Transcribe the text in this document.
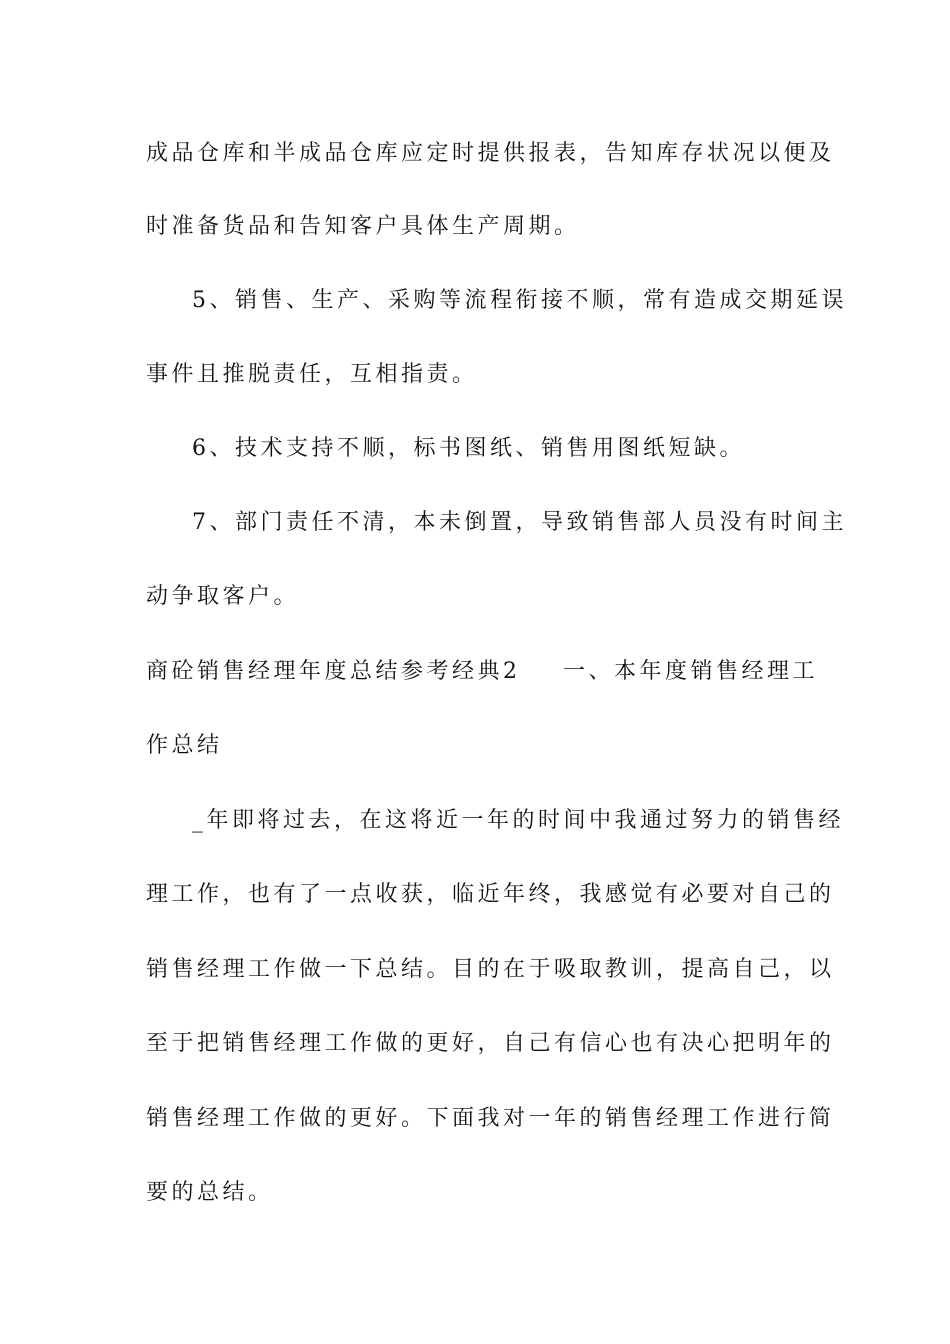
成品仓库和半成品仓库应定时提供报表，告知库存状况以便及
时准备货品和告知客户具体生产周期。
5、销售、生产、采购等流程衔接不顺，常有造成交期延误
事件且推脱责任，互相指责。
6、技术支持不顺，标书图纸、销售用图纸短缺。
7、部门责任不清，本未倒置，导致销售部人员没有时间主
动争取客户。
商砼销售经理年度总结参考经典2 一、本年度销售经理工
作总结
_年即将过去，在这将近一年的时间中我通过努力的销售经
理工作，也有了一点收获，临近年终，我感觉有必要对自己的
销售经理工作做一下总结。目的在于吸取教训，提高自己，以
至于把销售经理工作做的更好，自己有信心也有决心把明年的
销售经理工作做的更好。下面我对一年的销售经理工作进行简
要的总结。
